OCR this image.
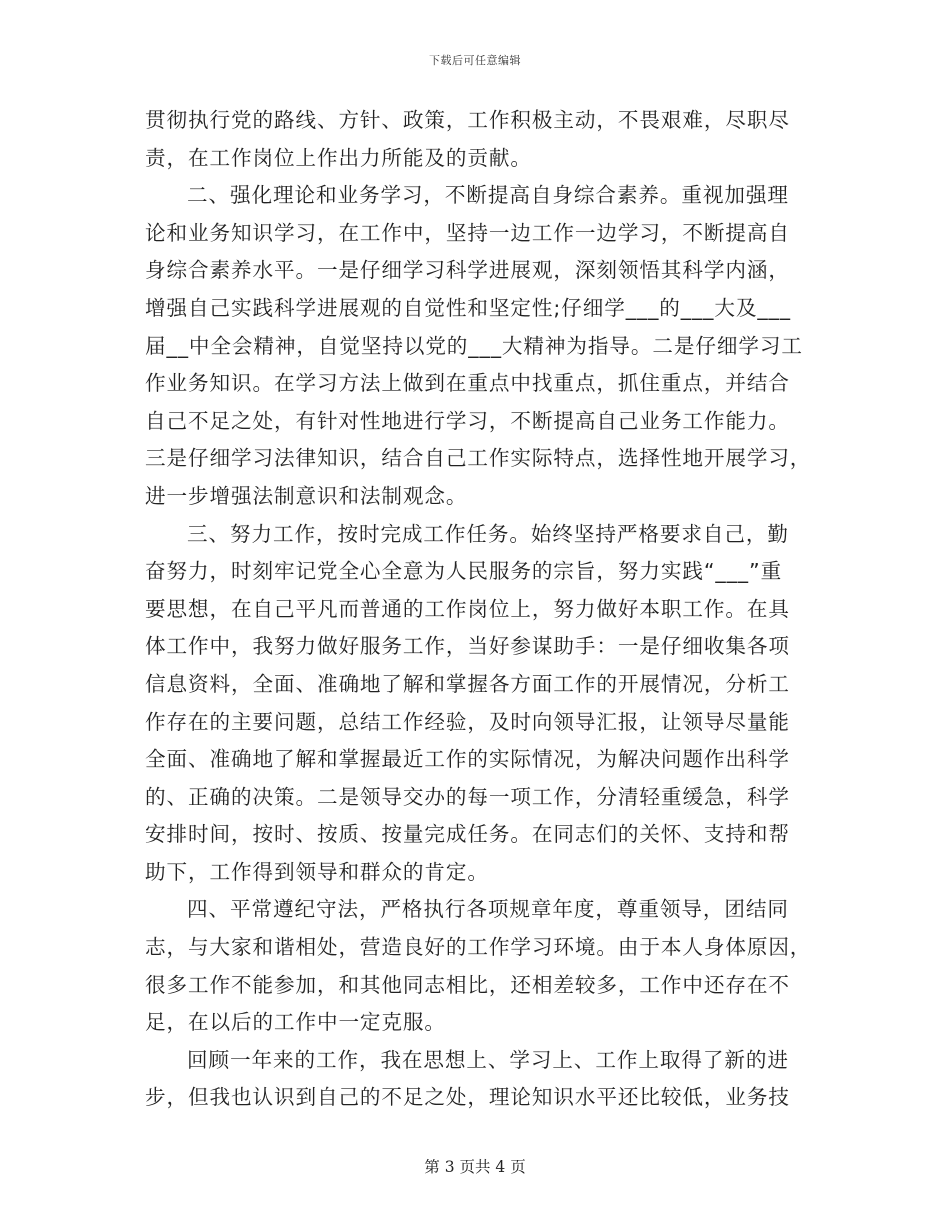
下载后可任意编辑
贯彻执行党的路线、方针、政策，工作积极主动，不畏艰难，尽职尽
责，在工作岗位上作出力所能及的贡献。
二、强化理论和业务学习，不断提高自身综合素养。重视加强理
论和业务知识学习，在工作中，坚持一边工作一边学习，不断提高自
身综合素养水平。一是仔细学习科学进展观，深刻领悟其科学内涵，
增强自己实践科学进展观的自觉性和坚定性;仔细学___的___大及___
届__中全会精神，自觉坚持以党的___大精神为指导。二是仔细学习工
作业务知识。在学习方法上做到在重点中找重点，抓住重点，并结合
自己不足之处，有针对性地进行学习，不断提高自己业务工作能力。
三是仔细学习法律知识，结合自己工作实际特点，选择性地开展学习，
进一步增强法制意识和法制观念。
三、努力工作，按时完成工作任务。始终坚持严格要求自己，勤
奋努力，时刻牢记党全心全意为人民服务的宗旨，努力实践“___”重
要思想，在自己平凡而普通的工作岗位上，努力做好本职工作。在具
体工作中，我努力做好服务工作，当好参谋助手：一是仔细收集各项
信息资料，全面、准确地了解和掌握各方面工作的开展情况，分析工
作存在的主要问题，总结工作经验，及时向领导汇报，让领导尽量能
全面、准确地了解和掌握最近工作的实际情况，为解决问题作出科学
的、正确的决策。二是领导交办的每一项工作，分清轻重缓急，科学
安排时间，按时、按质、按量完成任务。在同志们的关怀、支持和帮
助下，工作得到领导和群众的肯定。
四、平常遵纪守法，严格执行各项规章年度，尊重领导，团结同
志，与大家和谐相处，营造良好的工作学习环境。由于本人身体原因，
很多工作不能参加，和其他同志相比，还相差较多，工作中还存在不
足，在以后的工作中一定克服。
回顾一年来的工作，我在思想上、学习上、工作上取得了新的进
步，但我也认识到自己的不足之处，理论知识水平还比较低，业务技
第 3 页共 4 页
